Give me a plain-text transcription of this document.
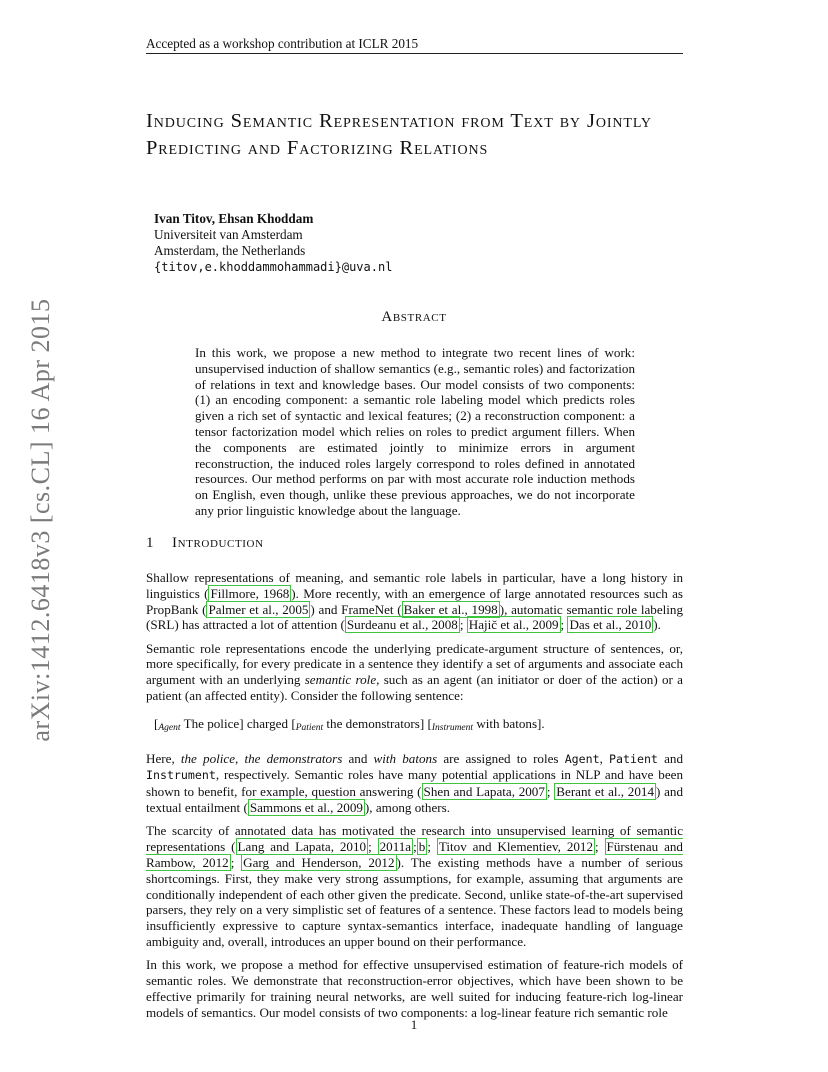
Accepted as a workshop contribution at ICLR 2015
arXiv:1412.6418v3 [cs.CL] 16 Apr 2015
Inducing Semantic Representation from Text by Jointly Predicting and Factorizing Relations
Ivan Titov, Ehsan Khoddam
Universiteit van Amsterdam
Amsterdam, the Netherlands
{titov,e.khoddammohammadi}@uva.nl
Abstract

In this work, we propose a new method to integrate two recent lines of work: unsupervised induction of shallow semantics (e.g., semantic roles) and factorization of relations in text and knowledge bases. Our model consists of two components: (1) an encoding component: a semantic role labeling model which predicts roles given a rich set of syntactic and lexical features; (2) a reconstruction component: a tensor factorization model which relies on roles to predict argument fillers. When the components are estimated jointly to minimize errors in argument reconstruction, the induced roles largely correspond to roles defined in annotated resources. Our method performs on par with most accurate role induction methods on English, even though, unlike these previous approaches, we do not incorporate any prior linguistic knowledge about the language.

1 Introduction

Shallow representations of meaning, and semantic role labels in particular, have a long history in linguistics ( Fillmore, 1968 ). More recently, with an emergence of large annotated resources such as PropBank ( Palmer et al., 2005 ) and FrameNet ( Baker et al., 1998 ), automatic semantic role labeling (SRL) has attracted a lot of attention ( Surdeanu et al., 2008 ; Hajič et al., 2009 ; Das et al., 2010 ).

Semantic role representations encode the underlying predicate-argument structure of sentences, or, more specifically, for every predicate in a sentence they identify a set of arguments and associate each argument with an underlying semantic role, such as an agent (an initiator or doer of the action) or a patient (an affected entity). Consider the following sentence:

[$_{Agent}$ The police] charged [$_{Patient}$ the demonstrators] [$_{Instrument}$ with batons].

Here, the police, the demonstrators and with batons are assigned to roles Agent, Patient and Instrument, respectively. Semantic roles have many potential applications in NLP and have been shown to benefit, for example, question answering ( Shen and Lapata, 2007 ; Berant et al., 2014 ) and textual entailment ( Sammons et al., 2009 ), among others.

The scarcity of annotated data has motivated the research into unsupervised learning of semantic representations ( Lang and Lapata, 2010 ; 2011a ; b ; Titov and Klementiev, 2012 ; Fürstenau and Rambow, 2012 ; Garg and Henderson, 2012 ). The existing methods have a number of serious shortcomings. First, they make very strong assumptions, for example, assuming that arguments are conditionally independent of each other given the predicate. Second, unlike state-of-the-art supervised parsers, they rely on a very simplistic set of features of a sentence. These factors lead to models being insufficiently expressive to capture syntax-semantics interface, inadequate handling of language ambiguity and, overall, introduces an upper bound on their performance.

In this work, we propose a method for effective unsupervised estimation of feature-rich models of semantic roles. We demonstrate that reconstruction-error objectives, which have been shown to be effective primarily for training neural networks, are well suited for inducing feature-rich log-linear models of semantics. Our model consists of two components: a log-linear feature rich semantic role

1
